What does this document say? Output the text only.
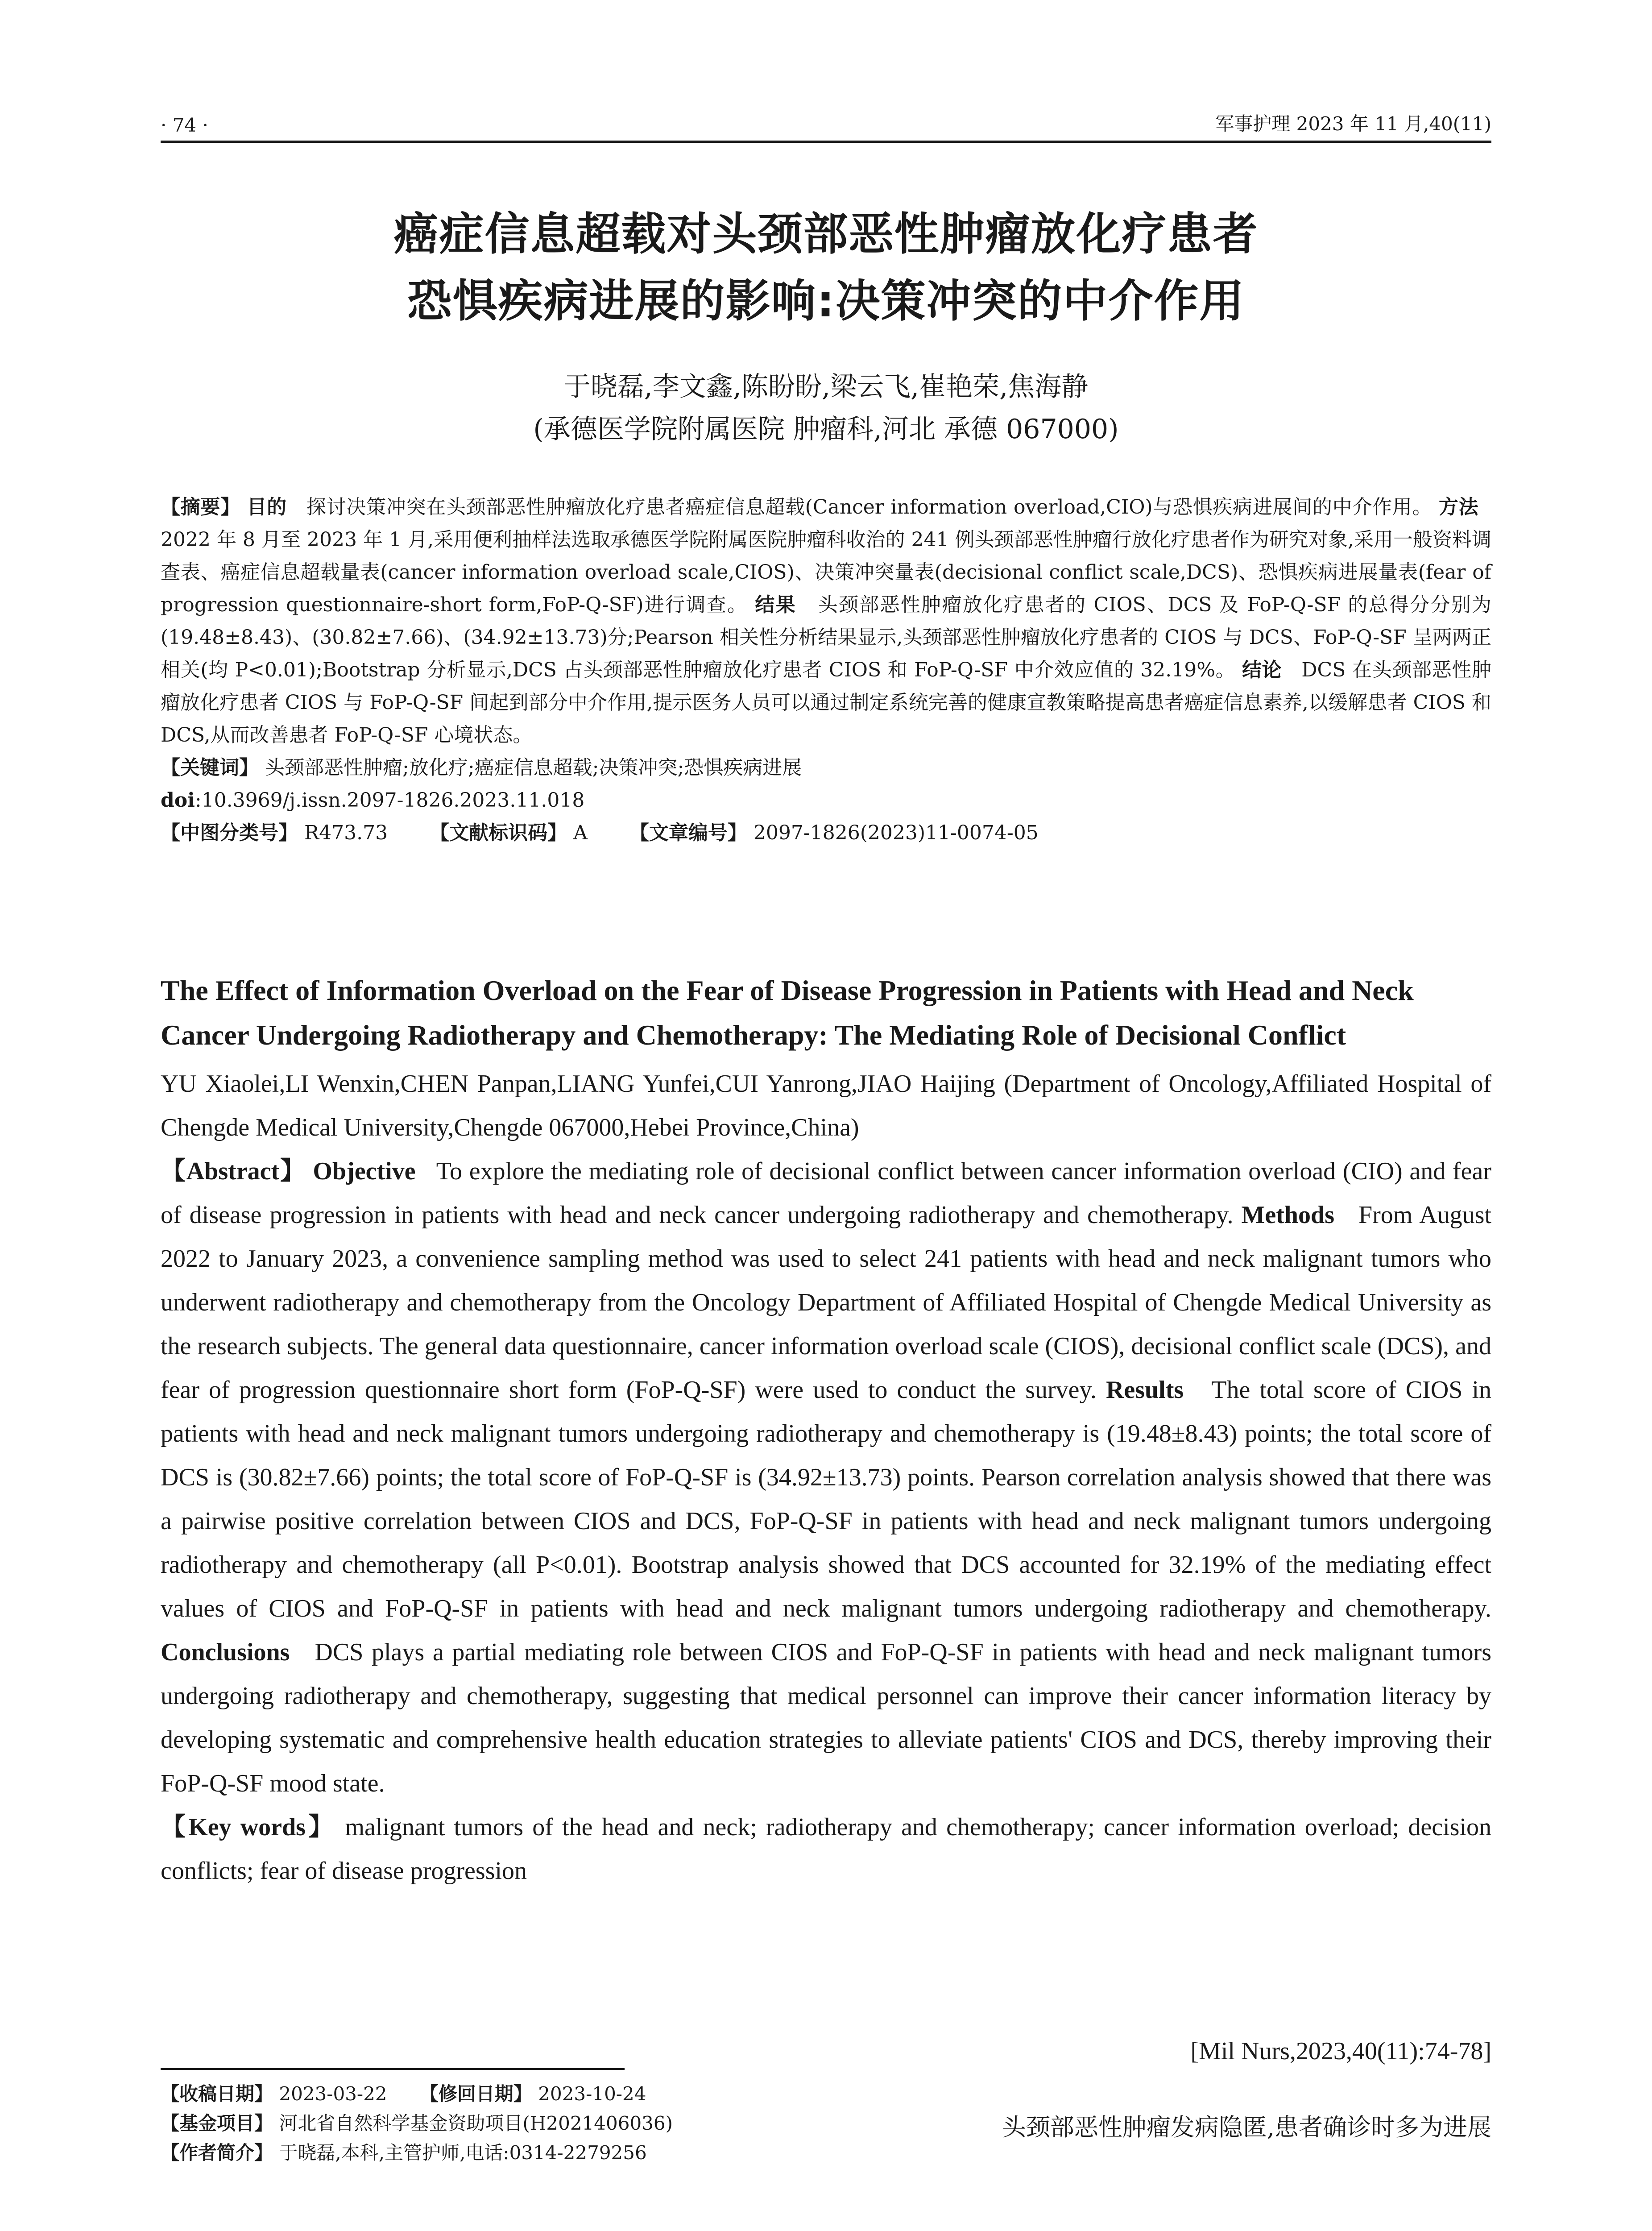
· 74 ·	军事护理 2023 年 11 月,40(11)
癌症信息超载对头颈部恶性肿瘤放化疗患者
恐惧疾病进展的影响:决策冲突的中介作用
于晓磊,李文鑫,陈盼盼,梁云飞,崔艳荣,焦海静
(承德医学院附属医院 肿瘤科,河北 承德 067000)

【摘要】 目的 探讨决策冲突在头颈部恶性肿瘤放化疗患者癌症信息超载(Cancer information overload,CIO)与恐惧疾病进展间的中介作用。 方法   2022 年 8 月至 2023 年 1 月,采用便利抽样法选取承德医学院附属医院肿瘤科收治的 241 例头颈部恶性肿瘤行放化疗患者作为研究对象,采用一般资料调查表、癌症信息超载量表(cancer information overload scale,CIOS)、决策冲突量表(decisional conflict scale,DCS)、恐惧疾病进展量表(fear of progression questionnaire-short form,FoP-Q-SF)进行调查。 结果 头颈部恶性肿瘤放化疗患者的 CIOS、DCS 及 FoP-Q-SF 的总得分分别为(19.48±8.43)、(30.82±7.66)、(34.92±13.73)分;Pearson 相关性分析结果显示,头颈部恶性肿瘤放化疗患者的 CIOS 与 DCS、FoP-Q-SF 呈两两正相关(均 P<0.01);Bootstrap 分析显示,DCS 占头颈部恶性肿瘤放化疗患者 CIOS 和 FoP-Q-SF 中介效应值的 32.19%。 结论 DCS 在头颈部恶性肿瘤放化疗患者 CIOS 与 FoP-Q-SF 间起到部分中介作用,提示医务人员可以通过制定系统完善的健康宣教策略提高患者癌症信息素养,以缓解患者 CIOS 和 DCS,从而改善患者 FoP-Q-SF 心境状态。

【关键词】 头颈部恶性肿瘤;放化疗;癌症信息超载;决策冲突;恐惧疾病进展

doi:10.3969/j.issn.2097-1826.2023.11.018

【中图分类号】 R473.73 【文献标识码】 A 【文章编号】 2097-1826(2023)11-0074-05

The Effect of Information Overload on the Fear of Disease Progression in Patients with Head and Neck Cancer Undergoing Radiotherapy and Chemotherapy: The Mediating Role of Decisional Conflict

YU Xiaolei,LI Wenxin,CHEN Panpan,LIANG Yunfei,CUI Yanrong,JIAO Haijing (Department of Oncology,Affiliated Hospital of Chengde Medical University,Chengde 067000,Hebei Province,China)

【Abstract】 Objective To explore the mediating role of decisional conflict between cancer information overload (CIO) and fear of disease progression in patients with head and neck cancer undergoing radiotherapy and chemotherapy. Methods From August 2022 to January 2023, a convenience sampling method was used to select 241 patients with head and neck malignant tumors who underwent radiotherapy and chemotherapy from the Oncology Department of Affiliated Hospital of Chengde Medical University as the research subjects. The general data questionnaire, cancer information overload scale (CIOS), decisional conflict scale (DCS), and fear of progression questionnaire short form (FoP-Q-SF) were used to conduct the survey. Results The total score of CIOS in patients with head and neck malignant tumors undergoing radiotherapy and chemotherapy is (19.48±8.43) points; the total score of DCS is (30.82±7.66) points; the total score of FoP-Q-SF is (34.92±13.73) points. Pearson correlation analysis showed that there was a pairwise positive correlation between CIOS and DCS, FoP-Q-SF in patients with head and neck malignant tumors undergoing radiotherapy and chemotherapy (all P<0.01). Bootstrap analysis showed that DCS accounted for 32.19% of the mediating effect values of CIOS and FoP-Q-SF in patients with head and neck malignant tumors undergoing radiotherapy and chemotherapy. Conclusions DCS plays a partial mediating role between CIOS and FoP-Q-SF in patients with head and neck malignant tumors undergoing radiotherapy and chemotherapy, suggesting that medical personnel can improve their cancer information literacy by developing systematic and comprehensive health education strategies to alleviate patients' CIOS and DCS, thereby improving their FoP-Q-SF mood state.

【Key words】 malignant tumors of the head and neck; radiotherapy and chemotherapy; cancer information overload; decision conflicts; fear of disease progression

[Mil Nurs,2023,40(11):74-78]

【收稿日期】 2023-03-22 【修回日期】 2023-10-24

【基金项目】 河北省自然科学基金资助项目(H2021406036)

【作者简介】 于晓磊,本科,主管护师,电话:0314-2279256

头颈部恶性肿瘤发病隐匿,患者确诊时多为进展
